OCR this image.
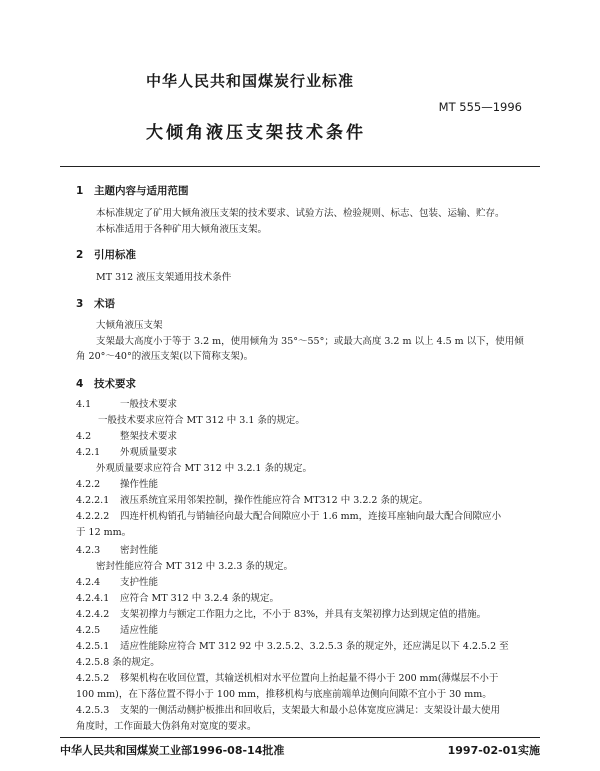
中华人民共和国煤炭行业标准
MT 555—1996
大倾角液压支架技术条件
1 主题内容与适用范围
本标准规定了矿用大倾角液压支架的技术要求、试验方法、检验规则、标志、包装、运输、贮存。
本标准适用于各种矿用大倾角液压支架。
2 引用标准
MT 312 液压支架通用技术条件
3 术语
大倾角液压支架
支架最大高度小于等于 3.2 m，使用倾角为 35°～55°；或最大高度 3.2 m 以上 4.5 m 以下，使用倾
角 20°～40°的液压支架(以下简称支架)。
4 技术要求
4.1	一般技术要求
一般技术要求应符合 MT 312 中 3.1 条的规定。
4.2	整架技术要求
4.2.1 外观质量要求
外观质量要求应符合 MT 312 中 3.2.1 条的规定。
4.2.2 操作性能
4.2.2.1 液压系统宜采用邻架控制，操作性能应符合 MT312 中 3.2.2 条的规定。
4.2.2.2 四连杆机构销孔与销轴径向最大配合间隙应小于 1.6 mm，连接耳座轴向最大配合间隙应小
于 12 mm。
4.2.3 密封性能
密封性能应符合 MT 312 中 3.2.3 条的规定。
4.2.4 支护性能
4.2.4.1 应符合 MT 312 中 3.2.4 条的规定。
4.2.4.2 支架初撑力与额定工作阻力之比，不小于 83%，并具有支架初撑力达到规定值的措施。
4.2.5 适应性能
4.2.5.1 适应性能除应符合 MT 312 92 中 3.2.5.2、3.2.5.3 条的规定外，还应满足以下 4.2.5.2 至
4.2.5.8 条的规定。
4.2.5.2 移架机构在收回位置，其输送机相对水平位置向上抬起量不得小于 200 mm(薄煤层不小于
100 mm)，在下落位置不得小于 100 mm，推移机构与底座前端单边侧向间隙不宜小于 30 mm。
4.2.5.3 支架的一侧活动侧护板推出和回收后，支架最大和最小总体宽度应满足：支架设计最大使用
角度时，工作面最大伪斜角对宽度的要求。
中华人民共和国煤炭工业部1996-08-14批准	1997-02-01实施
